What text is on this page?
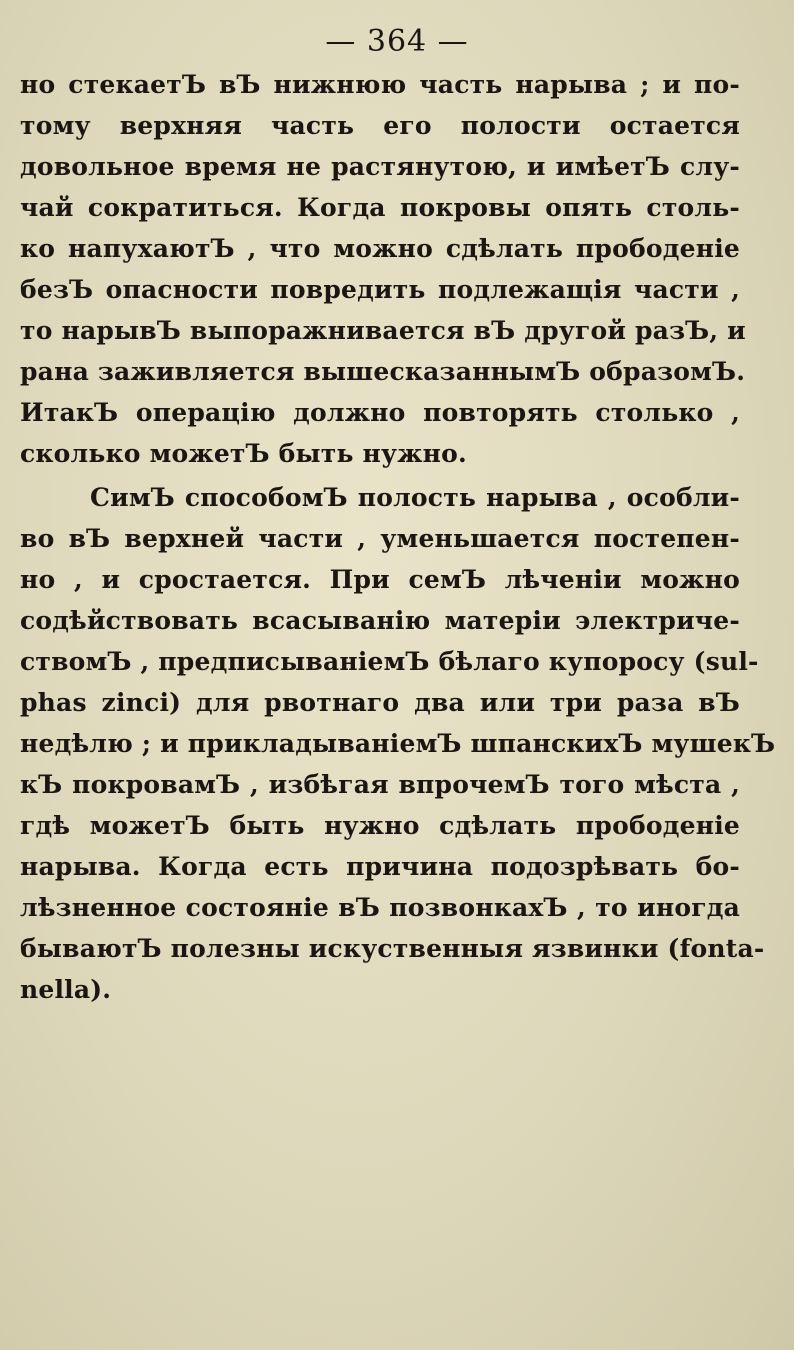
— 364 —
но стекаетЪ вЪ нижнюю часть нарыва ; и по-
тому верхняя часть его полости остается
довольное время не растянутою, и имѣетЪ слу-
чай сократиться. Когда покровы опять столь-
ко напухаютЪ , что можно сдѣлать прободенiе
безЪ опасности повредить подлежащiя части ,
то нарывЪ выпоражнивается вЪ другой разЪ, и
рана заживляется вышесказаннымЪ образомЪ.
ИтакЪ операцiю должно повторять столько ,
сколько можетЪ быть нужно.
СимЪ способомЪ полость нарыва , особли-
во вЪ верхней части , уменьшается постепен-
но , и сростается. При семЪ лѣченiи можно
содѣйствовать всасыванiю матерiи электриче-
ствомЪ , предписыванiемЪ бѣлаго купоросу (sul-
phas zinci) для рвотнаго два или три раза вЪ
недѣлю ; и прикладыванiемЪ шпанскихЪ мушекЪ
кЪ покровамЪ , избѣгая впрочемЪ того мѣста ,
гдѣ можетЪ быть нужно сдѣлать прободенiе
нарыва. Когда есть причина подозрѣвать бо-
лѣзненное состоянiе вЪ позвонкахЪ , то иногда
бываютЪ полезны искуственныя язвинки (fonta-
nella).
